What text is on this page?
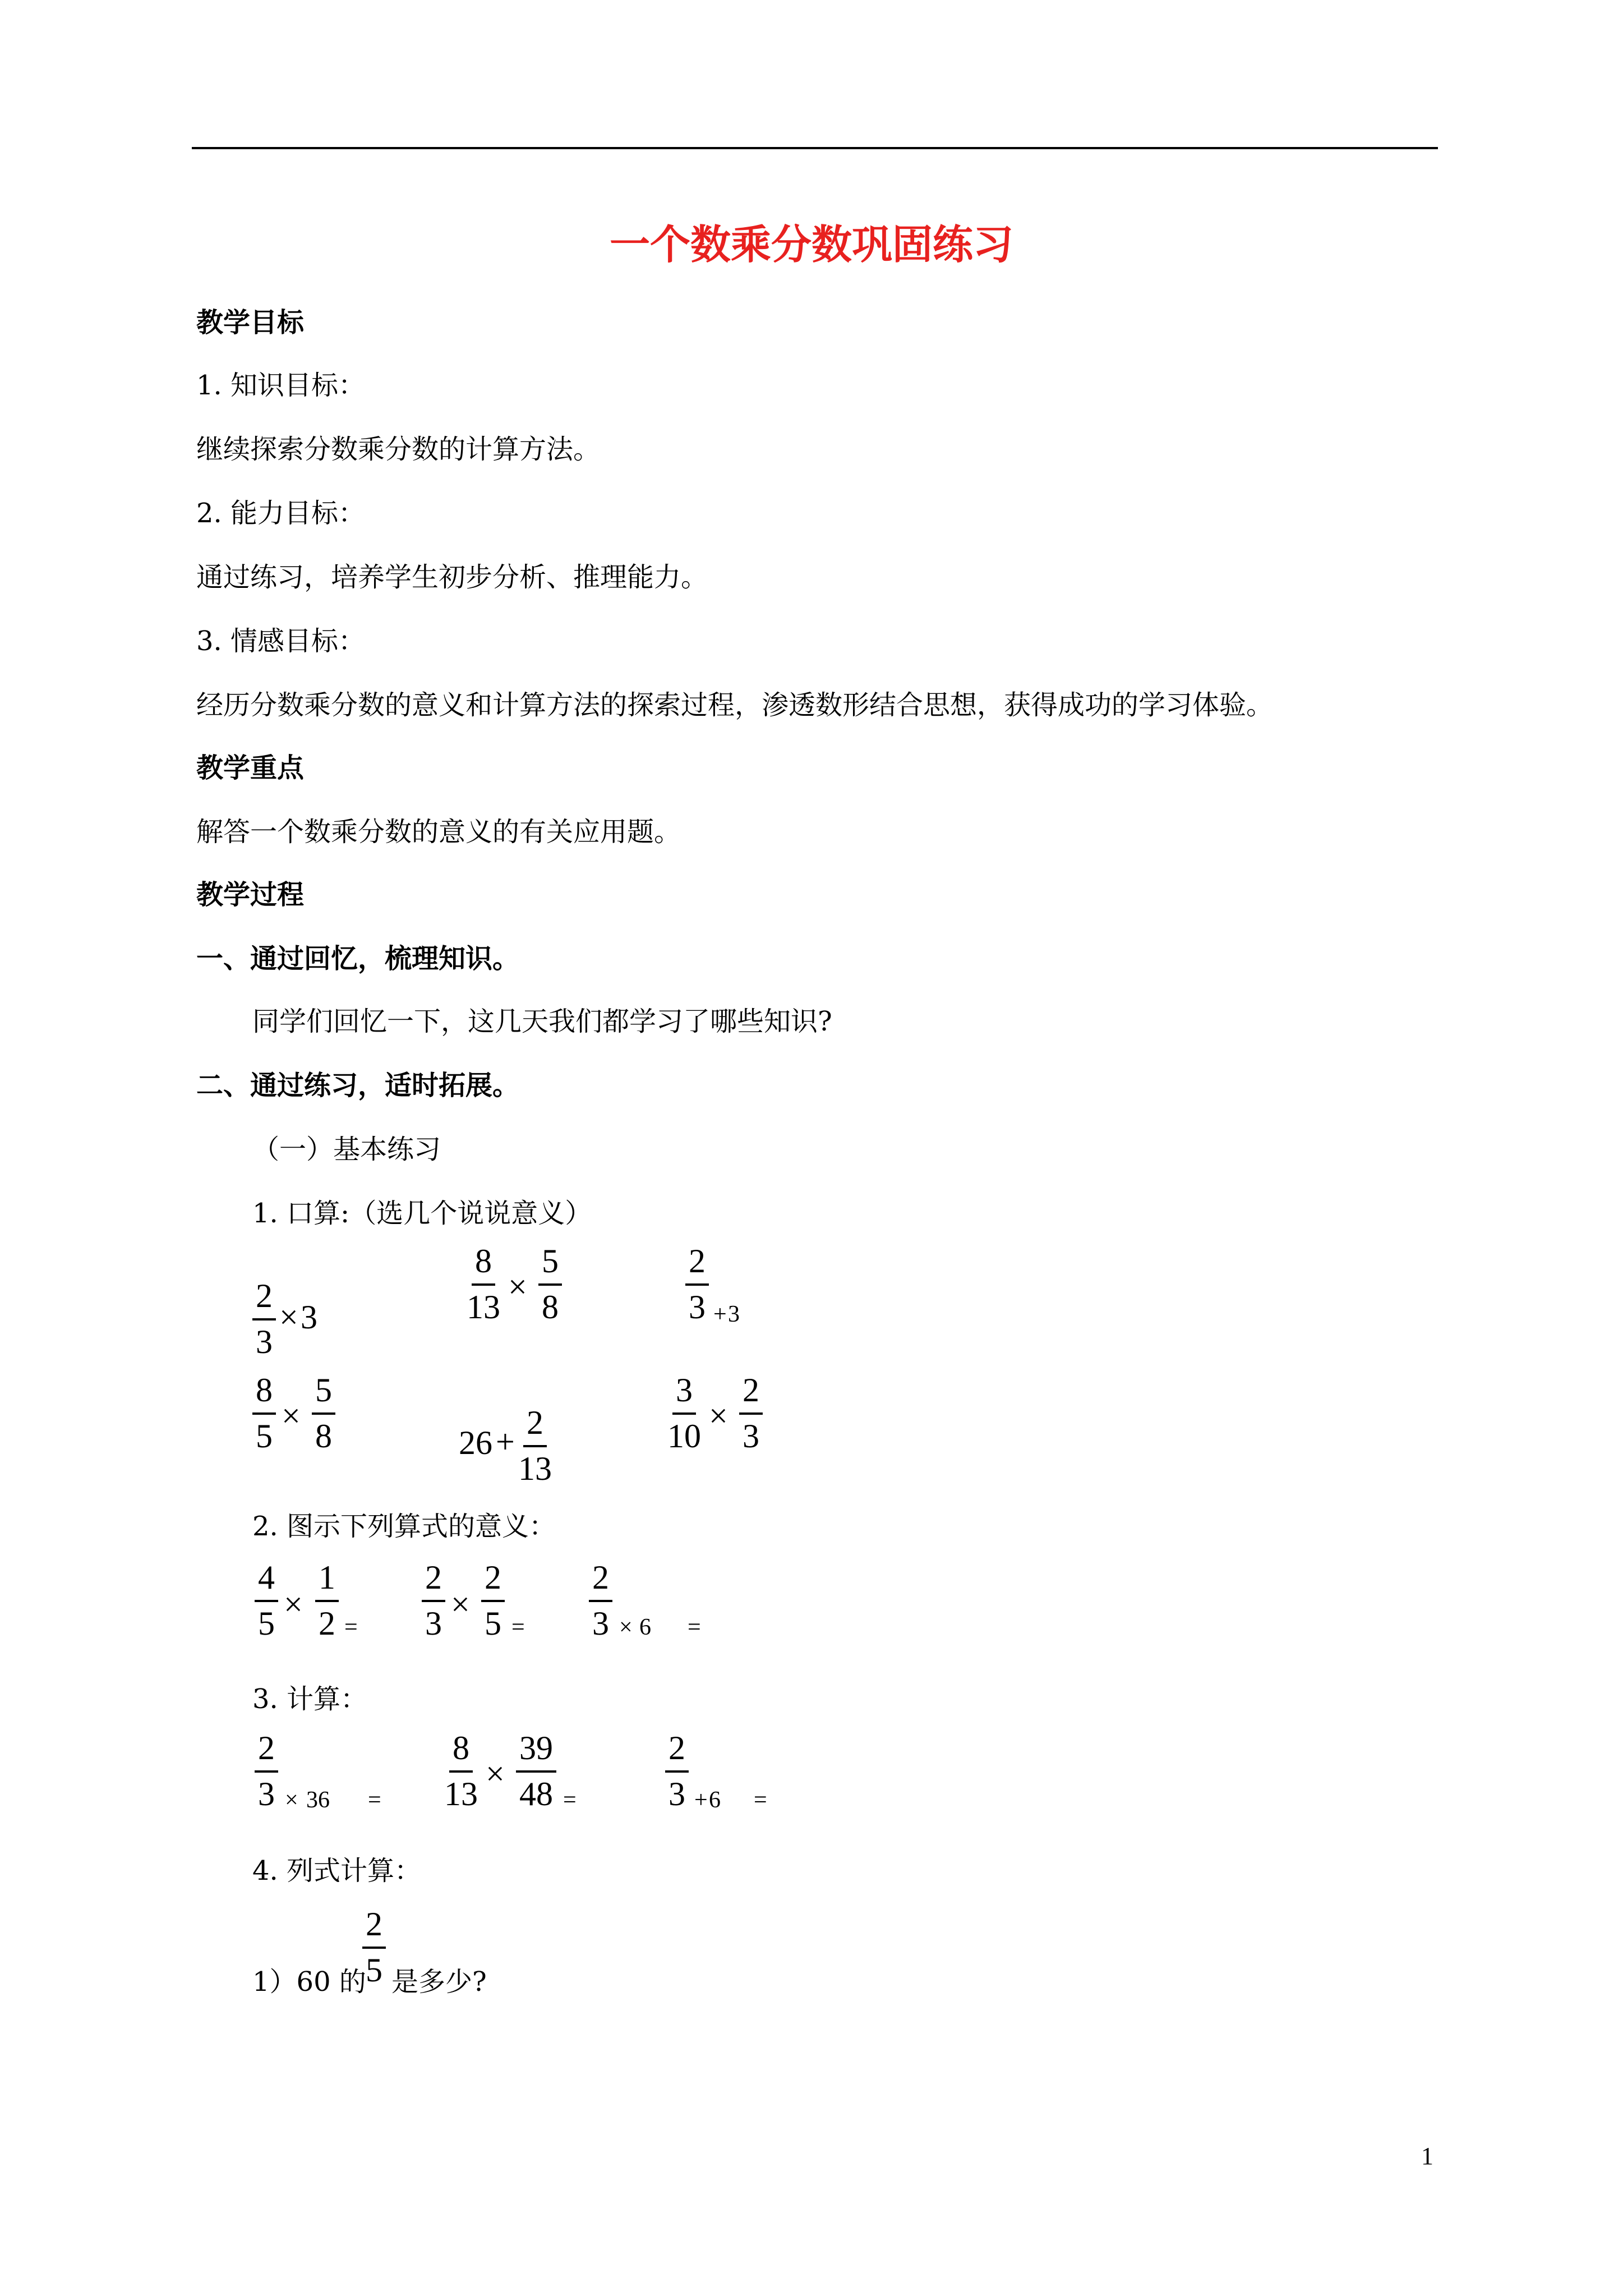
一个数乘分数巩固练习
教学目标
1. 知识目标：
继续探索分数乘分数的计算方法。
2. 能力目标：
通过练习，培养学生初步分析、推理能力。
3. 情感目标：
经历分数乘分数的意义和计算方法的探索过程，渗透数形结合思想，获得成功的学习体验。
教学重点
解答一个数乘分数的意义的有关应用题。
教学过程
一、通过回忆，梳理知识。
同学们回忆一下，这几天我们都学习了哪些知识?
二、通过练习，适时拓展。
（一）基本练习
1. 口算:（选几个说说意义）
$\frac{2}{3} \times 3$	$\frac{8}{13} \times \frac{5}{8}$	$\frac{2}{3} + 3$
$\frac{8}{5} \times \frac{5}{8}$	$26 + \frac{2}{13}$	$\frac{3}{10} \times \frac{2}{3}$
2. 图示下列算式的意义：
$\frac{4}{5} \times \frac{1}{2} = \frac{2}{3} \times \frac{2}{5} = \frac{2}{3} \times 6$ =
3. 计算：
$\frac{2}{3} \times 36 = \frac{8}{13} \times \frac{39}{48}$ =	$\frac{2}{3} + 6$ =
4. 列式计算：
1）60 的
$\frac{2}{5}$ 是多少?
1
